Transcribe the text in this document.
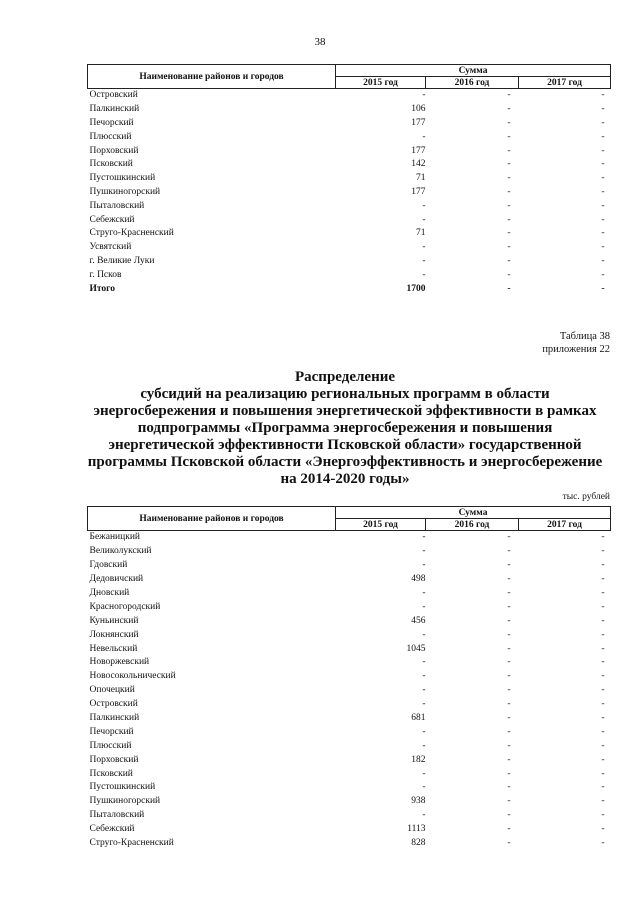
38
Наименование районов и городов	Сумма		
	2015 год	2016 год	2017 год
Островский	-	-	-
Палкинский	106	-	-
Печорский	177	-	-
Плюсский	-	-	-
Порховский	177	-	-
Псковский	142	-	-
Пустошкинский	71	-	-
Пушкиногорский	177	-	-
Пыталовский	-	-	-
Себежский	-	-	-
Струго-Красненский	71	-	-
Усвятский	-	-	-
г. Великие Луки	-	-	-
г. Псков	-	-	-
Итого	1700	-	-
Таблица 38
приложения 22
Распределение
субсидий на реализацию региональных программ в области
энергосбережения и повышения энергетической эффективности в рамках
подпрограммы «Программа энергосбережения и повышения
энергетической эффективности Псковской области» государственной
программы Псковской области «Энергоэффективность и энергосбережение
на 2014-2020 годы»
тыс. рублей
Наименование районов и городов	Сумма		
	2015 год	2016 год	2017 год
Бежаницкий	-	-	-
Великолукский	-	-	-
Гдовский	-	-	-
Дедовичский	498	-	-
Дновский	-	-	-
Красногородский	-	-	-
Куньинский	456	-	-
Локнянский	-	-	-
Невельский	1045	-	-
Новоржевский	-	-	-
Новосокольнический	-	-	-
Опочецкий	-	-	-
Островский	-	-	-
Палкинский	681	-	-
Печорский	-	-	-
Плюсский	-	-	-
Порховский	182	-	-
Псковский	-	-	-
Пустошкинский	-	-	-
Пушкиногорский	938	-	-
Пыталовский	-	-	-
Себежский	1113	-	-
Струго-Красненский	828	-	-
